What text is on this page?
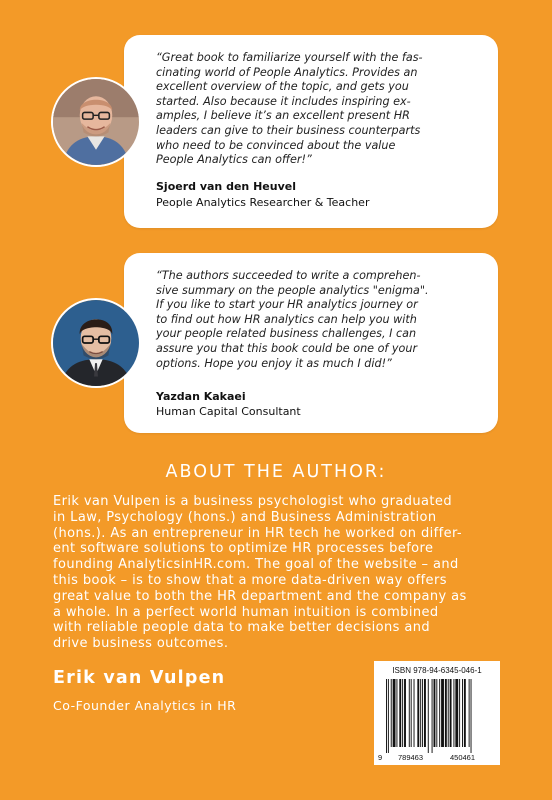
“Great book to familiarize yourself with the fas-
cinating world of People Analytics. Provides an
excellent overview of the topic, and gets you
started. Also because it includes inspiring ex-
amples, I believe it’s an excellent present HR
leaders can give to their business counterparts
who need to be convinced about the value
People Analytics can offer!”

Sjoerd van den Heuvel
People Analytics Researcher & Teacher

“The authors succeeded to write a comprehen-
sive summary on the people analytics "enigma".
If you like to start your HR analytics journey or
to find out how HR analytics can help you with
your people related business challenges, I can
assure you that this book could be one of your
options. Hope you enjoy it as much I did!”

Yazdan Kakaei
Human Capital Consultant
ABOUT THE AUTHOR:

Erik van Vulpen is a business psychologist who graduated
in Law, Psychology (hons.) and Business Administration
(hons.). As an entrepreneur in HR tech he worked on differ-
ent software solutions to optimize HR processes before
founding AnalyticsinHR.com. The goal of the website – and
this book – is to show that a more data-driven way offers
great value to both the HR department and the company as
a whole. In a perfect world human intuition is combined
with reliable people data to make better decisions and
drive business outcomes.

Erik van Vulpen
Co-Founder Analytics in HR
ISBN 978-94-6345-046-1
9 789463	450461
